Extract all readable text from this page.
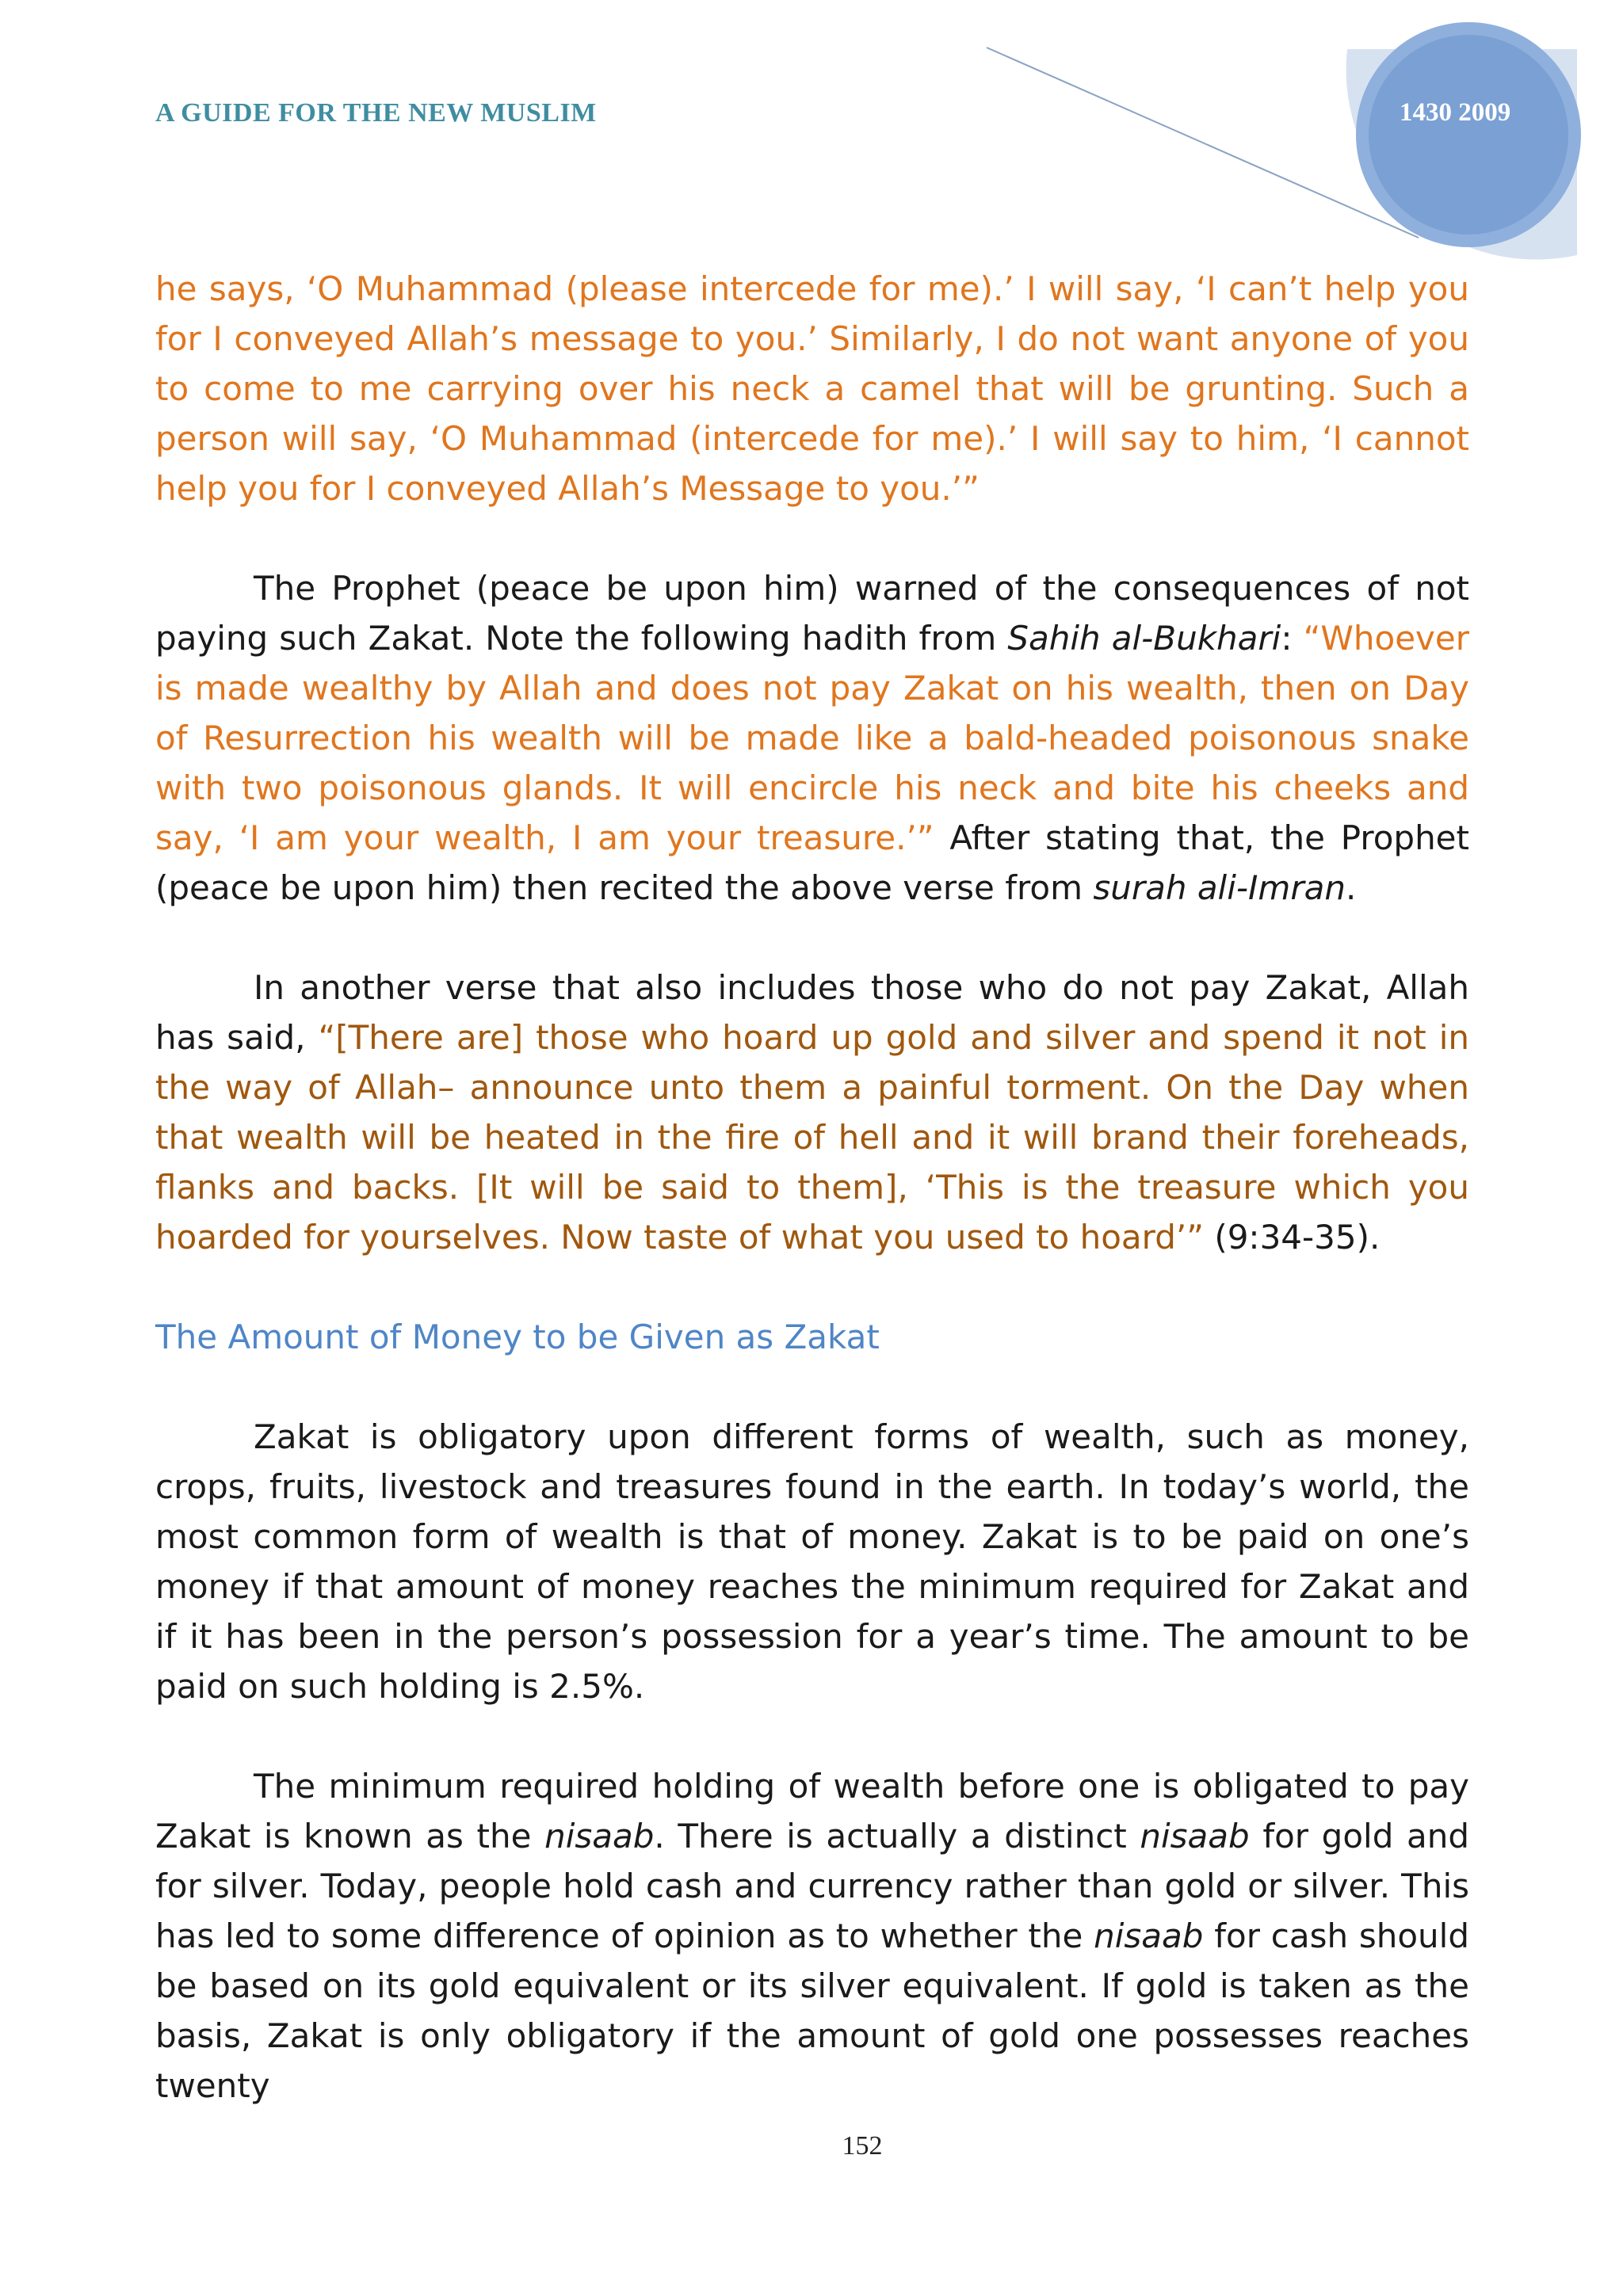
A GUIDE FOR THE NEW MUSLIM	1430 2009

he says, ‘O Muhammad (please intercede for me).’ I will say, ‘I can’t help you for I conveyed Allah’s message to you.’ Similarly, I do not want anyone of you to come to me carrying over his neck a camel that will be grunting. Such a person will say, ‘O Muhammad (intercede for me).’ I will say to him, ‘I cannot help you for I conveyed Allah’s Message to you.’”

The Prophet (peace be upon him) warned of the consequences of not paying such Zakat. Note the following hadith from Sahih al-Bukhari: “Whoever is made wealthy by Allah and does not pay Zakat on his wealth, then on Day of Resurrection his wealth will be made like a bald-headed poisonous snake with two poisonous glands. It will encircle his neck and bite his cheeks and say, ‘I am your wealth, I am your treasure.’” After stating that, the Prophet (peace be upon him) then recited the above verse from surah ali-Imran.

In another verse that also includes those who do not pay Zakat, Allah has said, “[There are] those who hoard up gold and silver and spend it not in the way of Allah– announce unto them a painful torment. On the Day when that wealth will be heated in the fire of hell and it will brand their foreheads, flanks and backs. [It will be said to them], ‘This is the treasure which you hoarded for yourselves. Now taste of what you used to hoard’” (9:34-35).

The Amount of Money to be Given as Zakat

Zakat is obligatory upon different forms of wealth, such as money, crops, fruits, livestock and treasures found in the earth. In today’s world, the most common form of wealth is that of money. Zakat is to be paid on one’s money if that amount of money reaches the minimum required for Zakat and if it has been in the person’s possession for a year’s time. The amount to be paid on such holding is 2.5%.

The minimum required holding of wealth before one is obligated to pay Zakat is known as the nisaab. There is actually a distinct nisaab for gold and for silver. Today, people hold cash and currency rather than gold or silver. This has led to some difference of opinion as to whether the nisaab for cash should be based on its gold equivalent or its silver equivalent. If gold is taken as the basis, Zakat is only obligatory if the amount of gold one possesses reaches twenty

152
